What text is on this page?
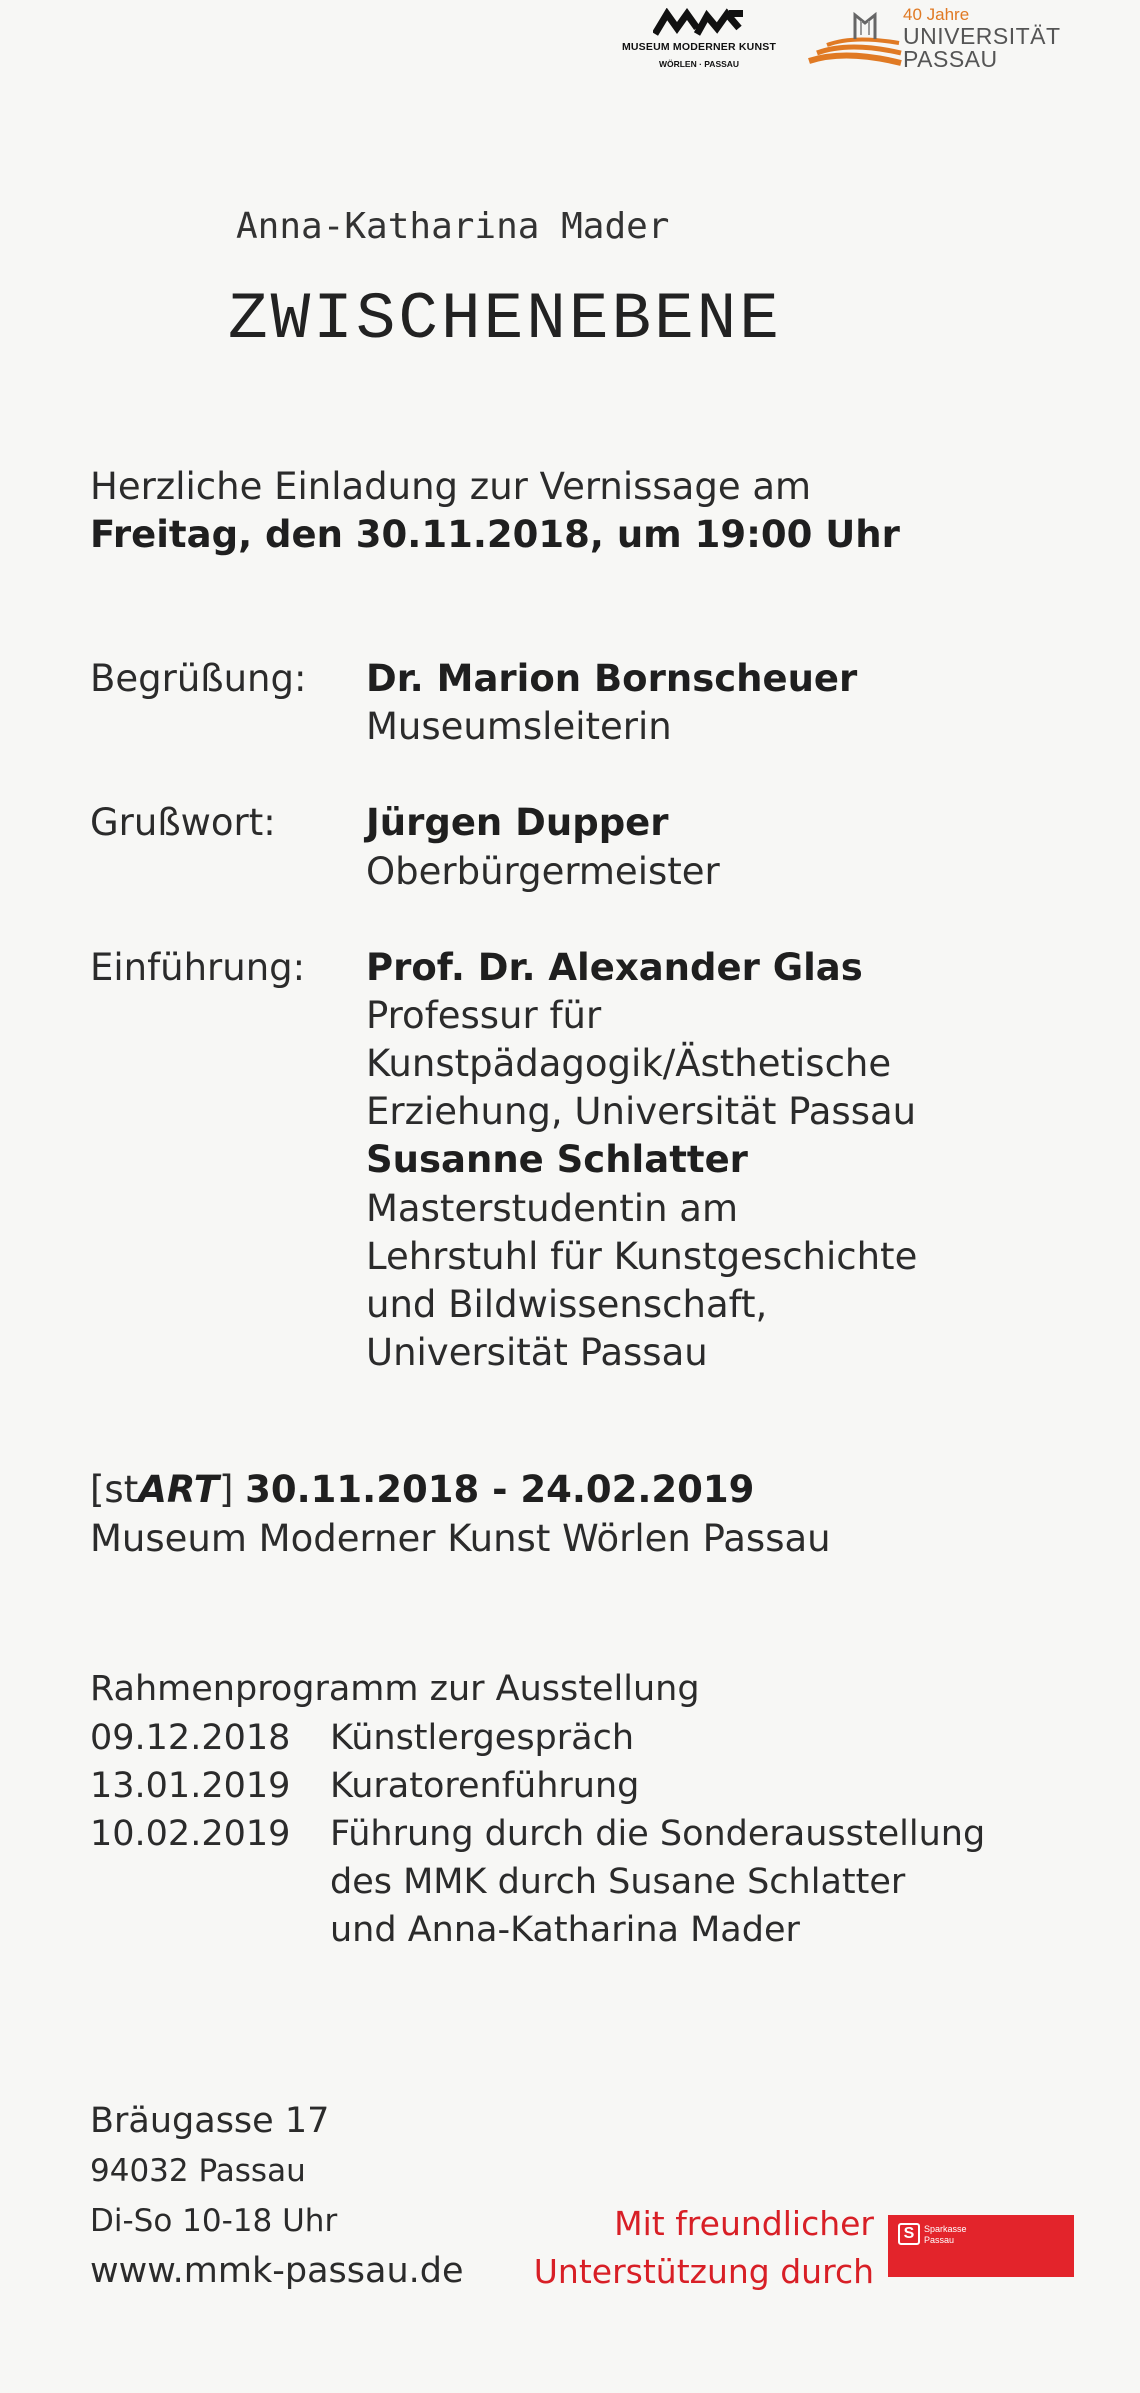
MUSEUM MODERNER KUNST
WÖRLEN · PASSAU
40 Jahre
UNIVERSITÄT
PASSAU
Anna-Katharina Mader
ZWISCHENEBENE
Herzliche Einladung zur Vernissage am
Freitag, den 30.11.2018, um 19:00 Uhr
Begrüßung: Dr. Marion Bornscheuer
Museumsleiterin
Grußwort: Jürgen Dupper
Oberbürgermeister
Einführung: Prof. Dr. Alexander Glas
Professur für
Kunstpädagogik/Ästhetische
Erziehung, Universität Passau
Susanne Schlatter
Masterstudentin am
Lehrstuhl für Kunstgeschichte
und Bildwissenschaft,
Universität Passau
[stART] 30.11.2018 - 24.02.2019
Museum Moderner Kunst Wörlen Passau
Rahmenprogramm zur Ausstellung
09.12.2018 Künstlergespräch
13.01.2019 Kuratorenführung
10.02.2019 Führung durch die Sonderausstellung
des MMK durch Susane Schlatter
und Anna-Katharina Mader
Bräugasse 17
94032 Passau
Di-So 10-18 Uhr
www.mmk-passau.de
Mit freundlicher
Unterstützung durch
S	Sparkasse
Passau
